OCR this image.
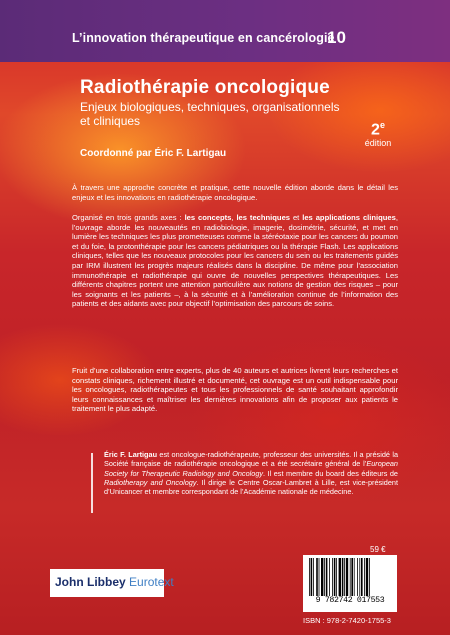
L’innovation thérapeutique en cancérologie
10
Radiothérapie oncologique
Enjeux biologiques, techniques, organisationnels et cliniques
2e
édition
Coordonné par Éric F. Lartigau

À travers une approche concrète et pratique, cette nouvelle édition aborde dans le détail les enjeux et les innovations en radiothérapie oncologique.

Organisé en trois grands axes : les concepts, les techniques et les applications cliniques, l’ouvrage aborde les nouveautés en radiobiologie, imagerie, dosimétrie, sécurité, et met en lumière les techniques les plus prometteuses comme la stéréotaxie pour les cancers du poumon et du foie, la protonthérapie pour les cancers pédiatriques ou la thérapie Flash. Les applications cliniques, telles que les nouveaux protocoles pour les cancers du sein ou les traitements guidés par IRM illustrent les progrès majeurs réalisés dans la discipline. De même pour l’association immunothérapie et radiothérapie qui ouvre de nouvelles perspectives thérapeutiques. Les différents chapitres portent une attention particulière aux notions de gestion des risques – pour les soignants et les patients –, à la sécurité et à l’amélioration continue de l’information des patients et des aidants avec pour objectif l’optimisation des parcours de soins.

Fruit d’une collaboration entre experts, plus de 40 auteurs et autrices livrent leurs recherches et constats cliniques, richement illustré et documenté, cet ouvrage est un outil indispensable pour les oncologues, radiothérapeutes et tous les professionnels de santé souhaitant approfondir leurs connaissances et maîtriser les dernières innovations afin de proposer aux patients le traitement le plus adapté.

Éric F. Lartigau est oncologue-radiothérapeute, professeur des universités. Il a présidé la Société française de radiothérapie oncologique et a été secrétaire général de l’European Society for Therapeutic Radiology and Oncology. Il est membre du board des éditeurs de Radiotherapy and Oncology. Il dirige le Centre Oscar-Lambret à Lille, est vice-président d’Unicancer et membre correspondant de l’Académie nationale de médecine.

59 €
John Libbey Eurotext
9 782742 017553
ISBN : 978-2-7420-1755-3
